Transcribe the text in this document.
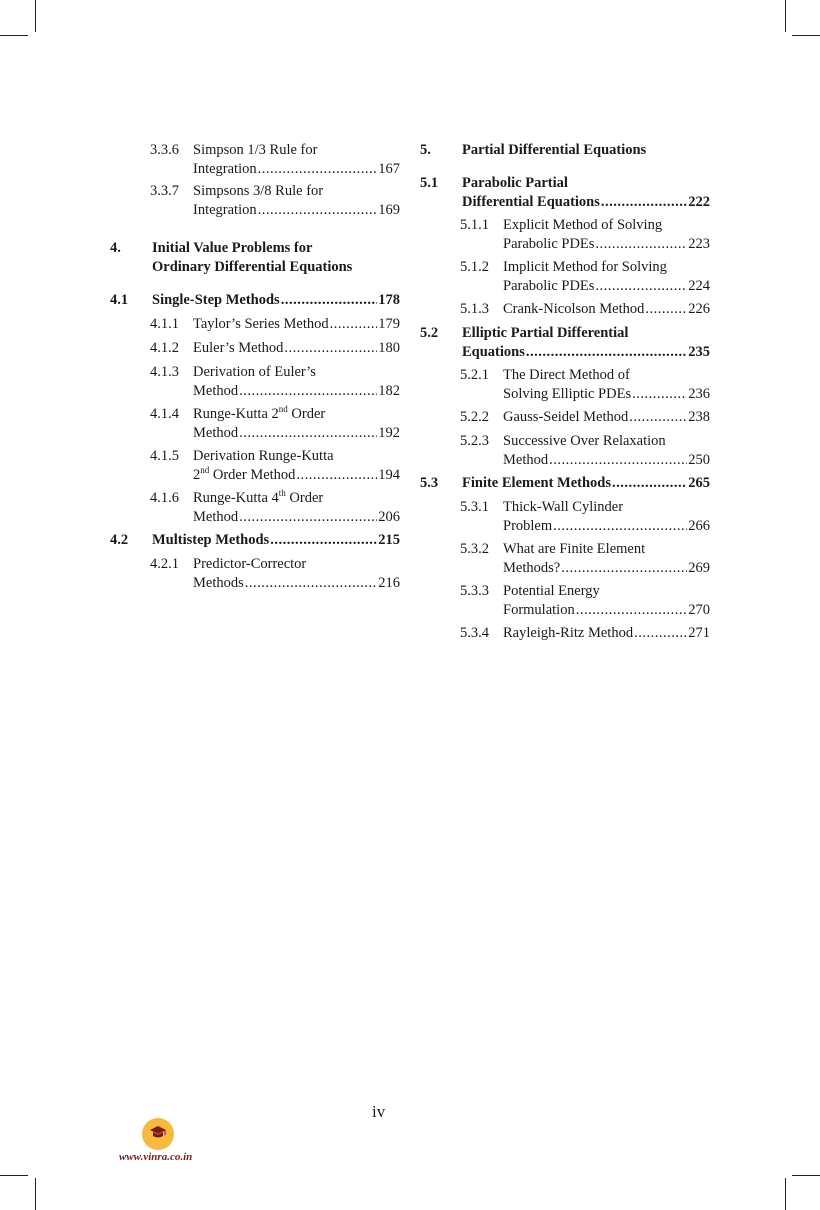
3.3.6 Simpson 1/3 Rule for
Integration .....	167
3.3.7 Simpsons 3/8 Rule for
Integration .....	169
4. Initial Value Problems for
Ordinary Differential Equations
4.1 Single-Step Methods .....	178
4.1.1 Taylor’s Series Method .....	179
4.1.2 Euler’s Method .....	180
4.1.3 Derivation of Euler’s
Method .....	182
4.1.4 Runge-Kutta 2nd Order
Method .....	192
4.1.5 Derivation Runge-Kutta
2nd Order Method .....	194
4.1.6 Runge-Kutta 4th Order
Method .....	206
4.2 Multistep Methods .....	215
4.2.1 Predictor-Corrector
Methods .....	216
5. Partial Differential Equations
5.1 Parabolic Partial
Differential Equations .....	222
5.1.1 Explicit Method of Solving
Parabolic PDEs .....	223
5.1.2 Implicit Method for Solving
Parabolic PDEs .....	224
5.1.3 Crank-Nicolson Method .....	226
5.2 Elliptic Partial Differential
Equations .....	235
5.2.1 The Direct Method of
Solving Elliptic PDEs .....	236
5.2.2 Gauss-Seidel Method .....	238
5.2.3 Successive Over Relaxation
Method .....	250
5.3 Finite Element Methods .....	265
5.3.1 Thick-Wall Cylinder
Problem .....	266
5.3.2 What are Finite Element
Methods? .....	269
5.3.3 Potential Energy
Formulation .....	270
5.3.4 Rayleigh-Ritz Method .....	271
iv
www.vinra.co.in
